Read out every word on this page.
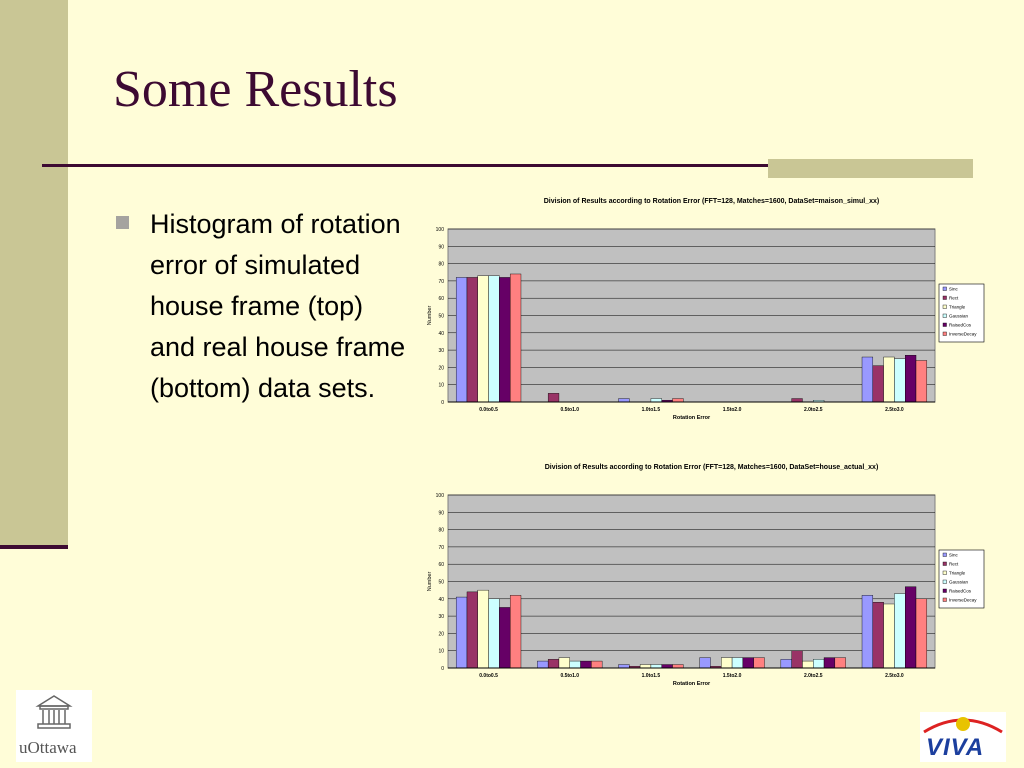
Some Results
Histogram of rotation error of simulated house frame (top) and real house frame (bottom) data sets.
Division of Results according to Rotation Error (FFT=128, Matches=1600, DataSet=maison_simul_xx)
0
10
20
30
40
50
60
70
80
90
100
0.0to0.5	0.5to1.0	1.0to1.5	1.5to2.0	2.0to2.5	2.5to3.0
Rotation Error
Number
Sinc
Rect
Triangle
Gaussian
RaisedCos
InverseDecay
Division of Results according to Rotation Error (FFT=128, Matches=1600, DataSet=house_actual_xx)
0
10
20
30
40
50
60
70
80
90
100
0.0to0.5	0.5to1.0	1.0to1.5	1.5to2.0	2.0to2.5	2.5to3.0
Rotation Error
Number
Sinc
Rect
Triangle
Gaussian
RaisedCos
InverseDecay
uOttawa	VIVA
